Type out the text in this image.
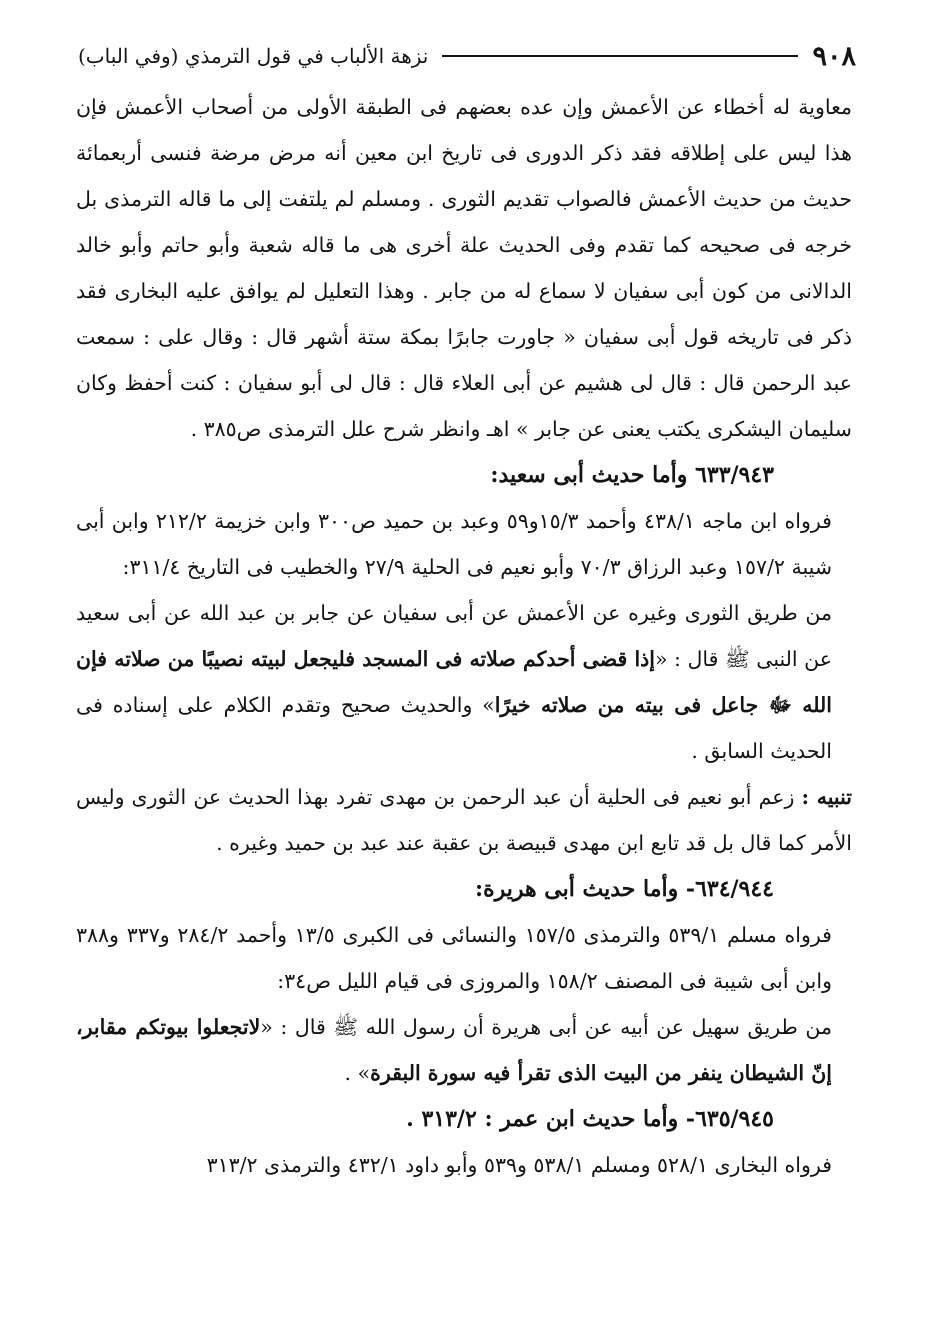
٩٠٨
نزهة الألباب في قول الترمذي (وفي الباب)

معاوية له أخطاء عن الأعمش وإن عده بعضهم فى الطبقة الأولى من أصحاب الأعمش فإن هذا ليس على إطلاقه فقد ذكر الدورى فى تاريخ ابن معين أنه مرض مرضة فنسى أربعمائة حديث من حديث الأعمش فالصواب تقديم الثورى . ومسلم لم يلتفت إلى ما قاله الترمذى بل خرجه فى صحيحه كما تقدم وفى الحديث علة أخرى هى ما قاله شعبة وأبو حاتم وأبو خالد الدالانى من كون أبى سفيان لا سماع له من جابر . وهذا التعليل لم يوافق عليه البخارى فقد ذكر فى تاريخه قول أبى سفيان « جاورت جابرًا بمكة ستة أشهر قال : وقال على : سمعت عبد الرحمن قال : قال لى هشيم عن أبى العلاء قال : قال لى أبو سفيان : كنت أحفظ وكان سليمان اليشكرى يكتب يعنى عن جابر » اهـ وانظر شرح علل الترمذى ص٣٨٥ .

٦٣٣/٩٤٣ وأما حديث أبى سعيد:

فرواه ابن ماجه ٤٣٨/١ وأحمد ١٥/٣و٥٩ وعبد بن حميد ص٣٠٠ وابن خزيمة ٢١٢/٢ وابن أبى شيبة ١٥٧/٢ وعبد الرزاق ٧٠/٣ وأبو نعيم فى الحلية ٢٧/٩ والخطيب فى التاريخ ٣١١/٤:

من طريق الثورى وغيره عن الأعمش عن أبى سفيان عن جابر بن عبد الله عن أبى سعيد عن النبى ﷺ قال : «إذا قضى أحدكم صلاته فى المسجد فليجعل لبيته نصيبًا من صلاته فإن الله ﷻ جاعل فى بيته من صلاته خيرًا» والحديث صحيح وتقدم الكلام على إسناده فى الحديث السابق .

تنبيه : زعم أبو نعيم فى الحلية أن عبد الرحمن بن مهدى تفرد بهذا الحديث عن الثورى وليس الأمر كما قال بل قد تابع ابن مهدى قبيصة بن عقبة عند عبد بن حميد وغيره .

٦٣٤/٩٤٤- وأما حديث أبى هريرة:

فرواه مسلم ٥٣٩/١ والترمذى ١٥٧/٥ والنسائى فى الكبرى ١٣/٥ وأحمد ٢٨٤/٢ و٣٣٧ و٣٨٨ وابن أبى شيبة فى المصنف ١٥٨/٢ والمروزى فى قيام الليل ص٣٤:

من طريق سهيل عن أبيه عن أبى هريرة أن رسول الله ﷺ قال : «لاتجعلوا بيوتكم مقابر، إنّ الشيطان ينفر من البيت الذى تقرأ فيه سورة البقرة» .

٦٣٥/٩٤٥- وأما حديث ابن عمر : ٣١٣/٢ .

فرواه البخارى ٥٢٨/١ ومسلم ٥٣٨/١ و٥٣٩ وأبو داود ٤٣٢/١ والترمذى ٣١٣/٢
